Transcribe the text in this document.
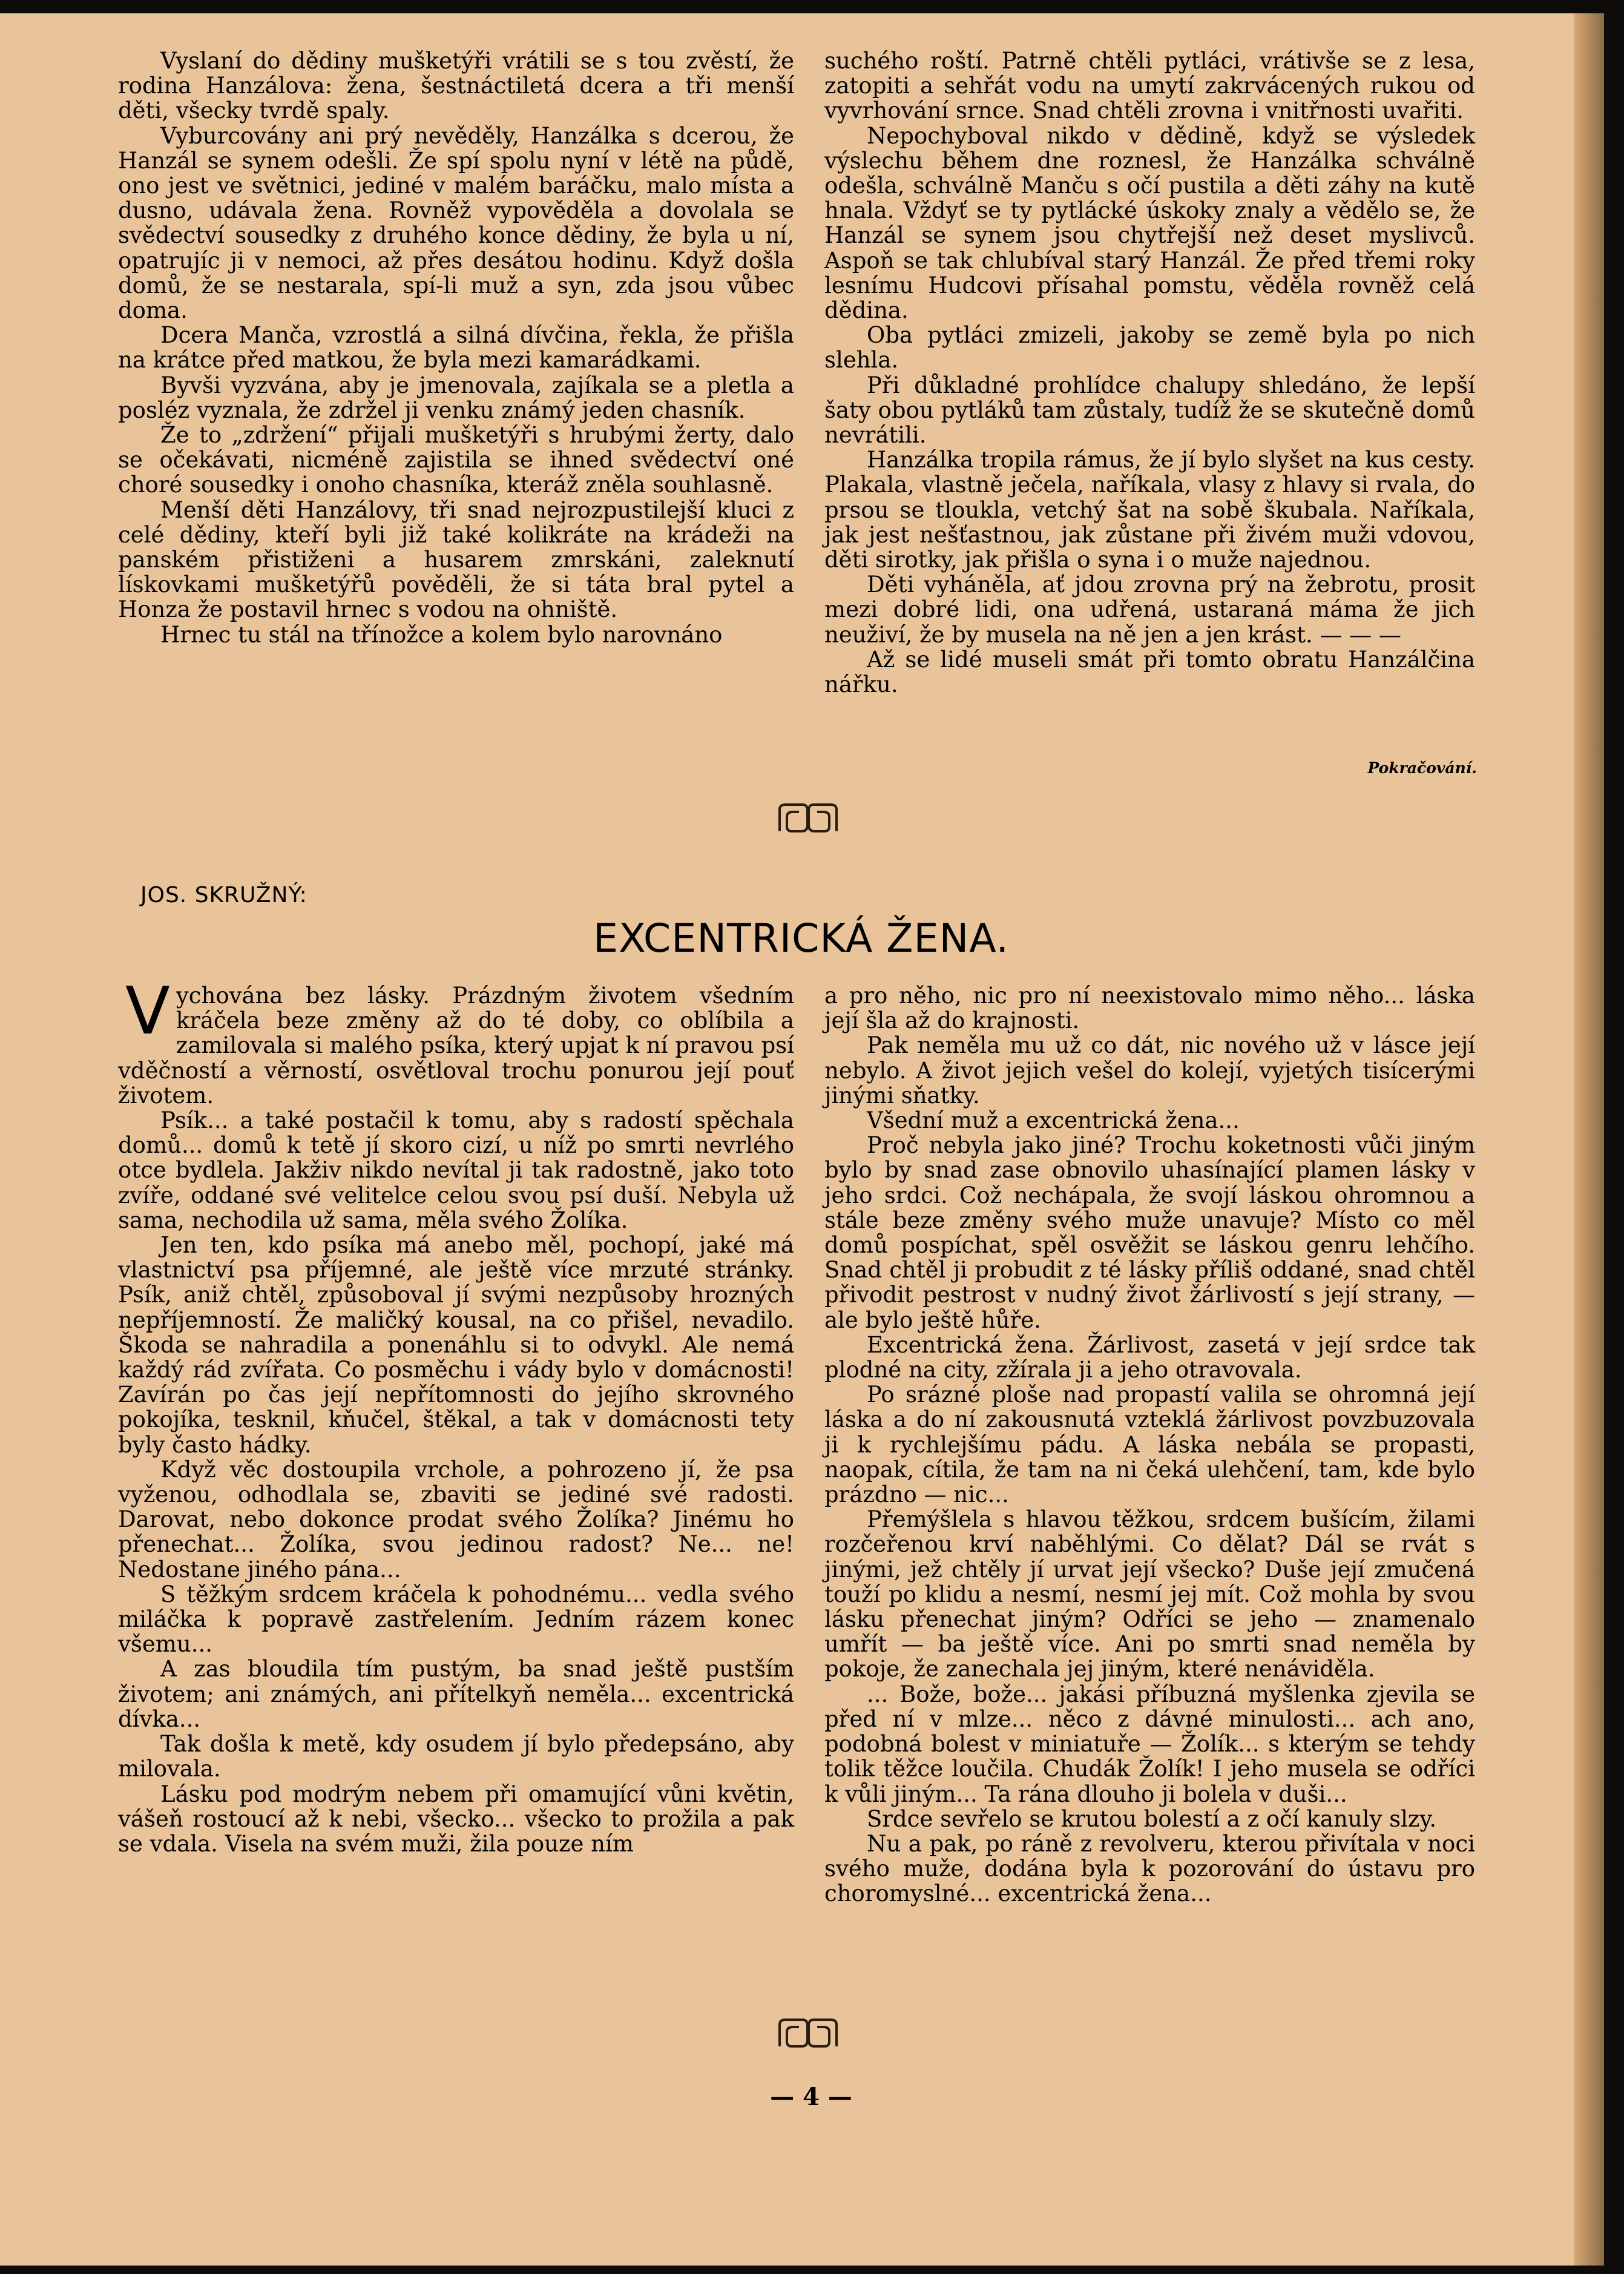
Vyslaní do dědiny mušketýři vrátili se s tou zvěstí, že rodina Hanzálova: žena, šestnáctiletá dcera a tři menší děti, všecky tvrdě spaly.

Vyburcovány ani prý nevěděly, Hanzálka s dcerou, že Hanzál se synem odešli. Že spí spolu nyní v létě na půdě, ono jest ve světnici, jediné v malém baráčku, malo místa a dusno, udávala žena. Rovněž vypověděla a dovolala se svědectví sousedky z druhého konce dědiny, že byla u ní, opatrujíc ji v nemoci, až přes desátou hodinu. Když došla domů, že se nestarala, spí-li muž a syn, zda jsou vůbec doma.

Dcera Manča, vzrostlá a silná dívčina, řekla, že přišla na krátce před matkou, že byla mezi kamarádkami.

Byvši vyzvána, aby je jmenovala, zajíkala se a pletla a posléz vyznala, že zdržel ji venku známý jeden chasník.

Že to „zdržení“ přijali mušketýři s hrubými žerty, dalo se očekávati, nicméně zajistila se ihned svědectví oné choré sousedky i onoho chasníka, kteráž zněla souhlasně.

Menší děti Hanzálovy, tři snad nejrozpustilejší kluci z celé dědiny, kteří byli již také kolikráte na krádeži na panském přistiženi a husarem zmrskáni, zaleknutí lískovkami mušketýřů pověděli, že si táta bral pytel a Honza že postavil hrnec s vodou na ohniště.

Hrnec tu stál na třínožce a kolem bylo narovnáno

suchého roští. Patrně chtěli pytláci, vrátivše se z lesa, zatopiti a sehřát vodu na umytí zakrvácených rukou od vyvrhování srnce. Snad chtěli zrovna i vnitřnosti uvařiti.

Nepochyboval nikdo v dědině, když se výsledek výslechu během dne roznesl, že Hanzálka schválně odešla, schválně Manču s očí pustila a děti záhy na kutě hnala. Vždyť se ty pytlácké úskoky znaly a vědělo se, že Hanzál se synem jsou chytřejší než deset myslivců. Aspoň se tak chlubíval starý Hanzál. Že před třemi roky lesnímu Hudcovi přísahal pomstu, věděla rovněž celá dědina.

Oba pytláci zmizeli, jakoby se země byla po nich slehla.

Při důkladné prohlídce chalupy shledáno, že lepší šaty obou pytláků tam zůstaly, tudíž že se skutečně domů nevrátili.

Hanzálka tropila rámus, že jí bylo slyšet na kus cesty. Plakala, vlastně ječela, naříkala, vlasy z hlavy si rvala, do prsou se tloukla, vetchý šat na sobě škubala. Naříkala, jak jest nešťastnou, jak zůstane při živém muži vdovou, děti sirotky, jak přišla o syna i o muže najednou.

Děti vyháněla, ať jdou zrovna prý na žebrotu, prosit mezi dobré lidi, ona udřená, ustaraná máma že jich neuživí, že by musela na ně jen a jen krást. — — —

Až se lidé museli smát při tomto obratu Hanzálčina nářku.

Pokračování.
JOS. SKRUŽNÝ:
EXCENTRICKÁ ŽENA.

Vychována bez lásky. Prázdným životem všedním kráčela beze změny až do té doby, co oblíbila a zamilovala si malého psíka, který upjat k ní pravou psí vděčností a věrností, osvětloval trochu ponurou její pouť životem.

Psík... a také postačil k tomu, aby s radostí spěchala domů... domů k tetě jí skoro cizí, u níž po smrti nevrlého otce bydlela. Jakživ nikdo nevítal ji tak radostně, jako toto zvíře, oddané své velitelce celou svou psí duší. Nebyla už sama, nechodila už sama, měla svého Žolíka.

Jen ten, kdo psíka má anebo měl, pochopí, jaké má vlastnictví psa příjemné, ale ještě více mrzuté stránky. Psík, aniž chtěl, způsoboval jí svými nezpůsoby hrozných nepříjemností. Že maličký kousal, na co přišel, nevadilo. Škoda se nahradila a ponenáhlu si to odvykl. Ale nemá každý rád zvířata. Co posměchu i vády bylo v domácnosti! Zavírán po čas její nepřítomnosti do jejího skrovného pokojíka, tesknil, kňučel, štěkal, a tak v domácnosti tety byly často hádky.

Když věc dostoupila vrchole, a pohrozeno jí, že psa vyženou, odhodlala se, zbaviti se jediné své radosti. Darovat, nebo dokonce prodat svého Žolíka? Jinému ho přenechat... Žolíka, svou jedinou radost? Ne... ne! Nedostane jiného pána...

S těžkým srdcem kráčela k pohodnému... vedla svého miláčka k popravě zastřelením. Jedním rázem konec všemu...

A zas bloudila tím pustým, ba snad ještě pustším životem; ani známých, ani přítelkyň neměla... excentrická dívka...

Tak došla k metě, kdy osudem jí bylo předepsáno, aby milovala.

Lásku pod modrým nebem při omamující vůni květin, vášeň rostoucí až k nebi, všecko... všecko to prožila a pak se vdala. Visela na svém muži, žila pouze ním

a pro něho, nic pro ní neexistovalo mimo něho... láska její šla až do krajnosti.

Pak neměla mu už co dát, nic nového už v lásce její nebylo. A život jejich vešel do kolejí, vyjetých tisícerými jinými sňatky.

Všední muž a excentrická žena...

Proč nebyla jako jiné? Trochu koketnosti vůči jiným bylo by snad zase obnovilo uhasínající plamen lásky v jeho srdci. Což nechápala, že svojí láskou ohromnou a stále beze změny svého muže unavuje? Místo co měl domů pospíchat, spěl osvěžit se láskou genru lehčího. Snad chtěl ji probudit z té lásky příliš oddané, snad chtěl přivodit pestrost v nudný život žárlivostí s její strany, — ale bylo ještě hůře.

Excentrická žena. Žárlivost, zasetá v její srdce tak plodné na city, zžírala ji a jeho otravovala.

Po srázné ploše nad propastí valila se ohromná její láska a do ní zakousnutá vzteklá žárlivost povzbuzovala ji k rychlejšímu pádu. A láska nebála se propasti, naopak, cítila, že tam na ni čeká ulehčení, tam, kde bylo prázdno — nic...

Přemýšlela s hlavou těžkou, srdcem bušícím, žilami rozčeřenou krví naběhlými. Co dělat? Dál se rvát s jinými, jež chtěly jí urvat její všecko? Duše její zmučená touží po klidu a nesmí, nesmí jej mít. Což mohla by svou lásku přenechat jiným? Odříci se jeho — znamenalo umřít — ba ještě více. Ani po smrti snad neměla by pokoje, že zanechala jej jiným, které nenáviděla.

... Bože, bože... jakási příbuzná myšlenka zjevila se před ní v mlze... něco z dávné minulosti... ach ano, podobná bolest v miniatuře — Žolík... s kterým se tehdy tolik těžce loučila. Chudák Žolík! I jeho musela se odříci k vůli jiným... Ta rána dlouho ji bolela v duši...

Srdce sevřelo se krutou bolestí a z očí kanuly slzy.

Nu a pak, po ráně z revolveru, kterou přivítala v noci svého muže, dodána byla k pozorování do ústavu pro choromyslné... excentrická žena...

— 4 —
